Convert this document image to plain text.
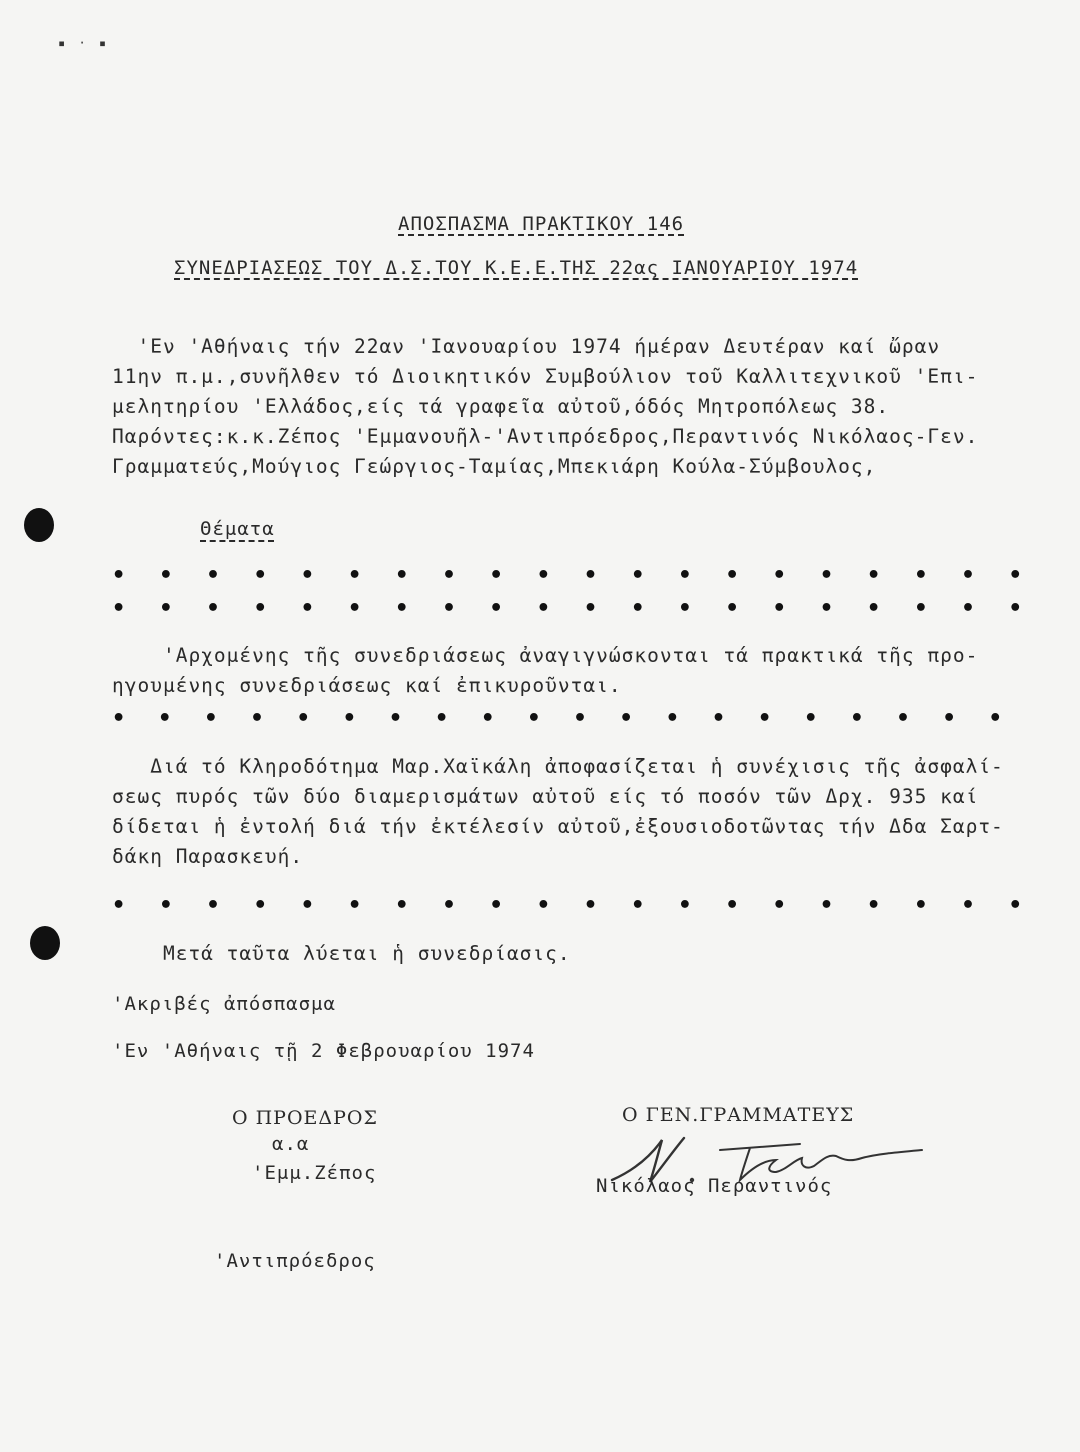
▪ · ▪
ΑΠΟΣΠΑΣΜΑ ΠΡΑΚΤΙΚΟΥ 146
ΣΥΝΕΔΡΙΑΣΕΩΣ ΤΟΥ Δ.Σ.ΤΟΥ Κ.Ε.Ε.ΤΗΣ 22ας ΙΑΝΟΥΑΡΙΟΥ 1974
'Εν 'Αθήναις τήν 22αν 'Ιανουαρίου 1974 ήμέραν Δευτέραν καί ὤραν
11ην π.μ.,συνῆλθεν τό Διοικητικόν Συμβούλιον τοῦ Καλλιτεχνικοῦ 'Επι-
μελητηρίου 'Ελλάδος,είς τά γραφεῖα αὐτοῦ,όδός Μητροπόλεως 38.
Παρόντες:κ.κ.Ζέπος 'Εμμανουῆλ-'Αντιπρόεδρος,Περαντινός Νικόλαος-Γεν.
Γραμματεύς,Μούγιος Γεώργιος-Ταμίας,Μπεκιάρη Κούλα-Σύμβουλος,
Θέματα
• • • • • • • • • • • • • • • • • • • •
• • • • • • • • • • • • • • • • • • • •
'Αρχομένης τῆς συνεδριάσεως ἀναγιγνώσκονται τά πρακτικά τῆς προ-
ηγουμένης συνεδριάσεως καί ἐπικυροῦνται.
• • • • • • • • • • • • • • • • • • • •
Διά τό Κληροδότημα Μαρ.Χαϊκάλη ἀποφασίζεται ἡ συνέχισις τῆς ἀσφαλί-
σεως πυρός τῶν δύο διαμερισμάτων αὐτοῦ είς τό ποσόν τῶν Δρχ. 935 καί
δίδεται ἡ ἐντολή διά τήν ἐκτέλεσίν αὐτοῦ,ἐξουσιοδοτῶντας τήν Δδα Σαρτ-
δάκη Παρασκευή.
• • • • • • • • • • • • • • • • • • • •
Μετά ταῦτα λύεται ἡ συνεδρίασις.
'Ακριβές ἀπόσπασμα
'Εν 'Αθήναις τῇ 2 Φεβρουαρίου 1974
Ο ΠΡΟΕΔΡΟΣ
α.α
'Εμμ.Ζέπος
'Αντιπρόεδρος
Ο ΓΕΝ.ΓΡΑΜΜΑΤΕΥΣ
Νικόλαος Περαντινός
